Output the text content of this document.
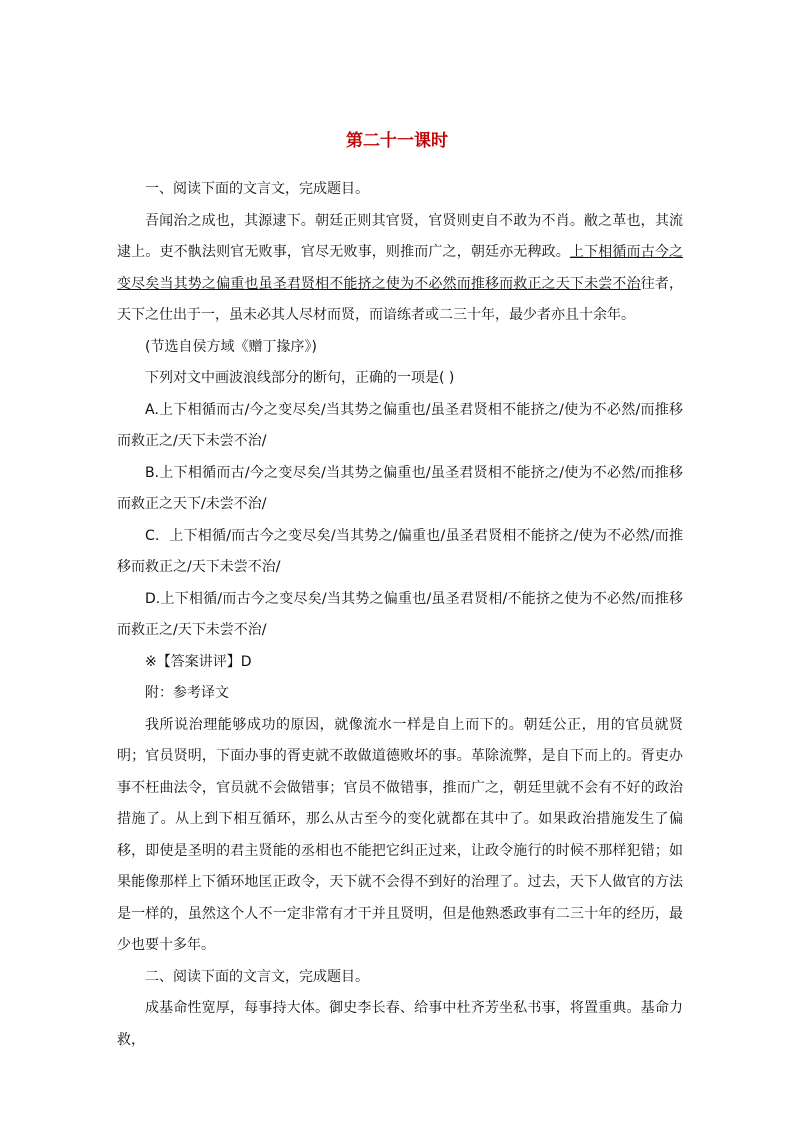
第二十一课时

一、阅读下面的文言文，完成题目。

吾闻治之成也，其源逮下。朝廷正则其官贤，官贤则吏自不敢为不肖。敝之革也，其流逮上。吏不骫法则官无败事，官尽无败事，则推而广之，朝廷亦无稗政。上下相循而古今之变尽矣当其势之偏重也虽圣君贤相不能挤之使为不必然而推移而救正之天下未尝不治往者，天下之仕出于一，虽未必其人尽材而贤，而谙练者或二三十年，最少者亦且十余年。

(节选自侯方域《赠丁掾序》)

下列对文中画波浪线部分的断句，正确的一项是( )

A.上下相循而古/今之变尽矣/当其势之偏重也/虽圣君贤相不能挤之/使为不必然/而推移而救正之/天下未尝不治/

B.上下相循而古/今之变尽矣/当其势之偏重也/虽圣君贤相不能挤之/使为不必然/而推移而救正之天下/未尝不治/

C．上下相循/而古今之变尽矣/当其势之/偏重也/虽圣君贤相不能挤之/使为不必然/而推移而救正之/天下未尝不治/

D.上下相循/而古今之变尽矣/当其势之偏重也/虽圣君贤相/不能挤之使为不必然/而推移而救正之/天下未尝不治/

※【答案讲评】D

附：参考译文

我所说治理能够成功的原因，就像流水一样是自上而下的。朝廷公正，用的官员就贤明；官员贤明，下面办事的胥吏就不敢做道德败坏的事。革除流弊，是自下而上的。胥吏办事不枉曲法令，官员就不会做错事；官员不做错事，推而广之，朝廷里就不会有不好的政治措施了。从上到下相互循环，那么从古至今的变化就都在其中了。如果政治措施发生了偏移，即使是圣明的君主贤能的丞相也不能把它纠正过来，让政令施行的时候不那样犯错；如果能像那样上下循环地匡正政令，天下就不会得不到好的治理了。过去，天下人做官的方法是一样的，虽然这个人不一定非常有才干并且贤明，但是他熟悉政事有二三十年的经历，最少也要十多年。

二、阅读下面的文言文，完成题目。

成基命性宽厚，每事持大体。御史李长春、给事中杜齐芳坐私书事，将置重典。基命力救，
